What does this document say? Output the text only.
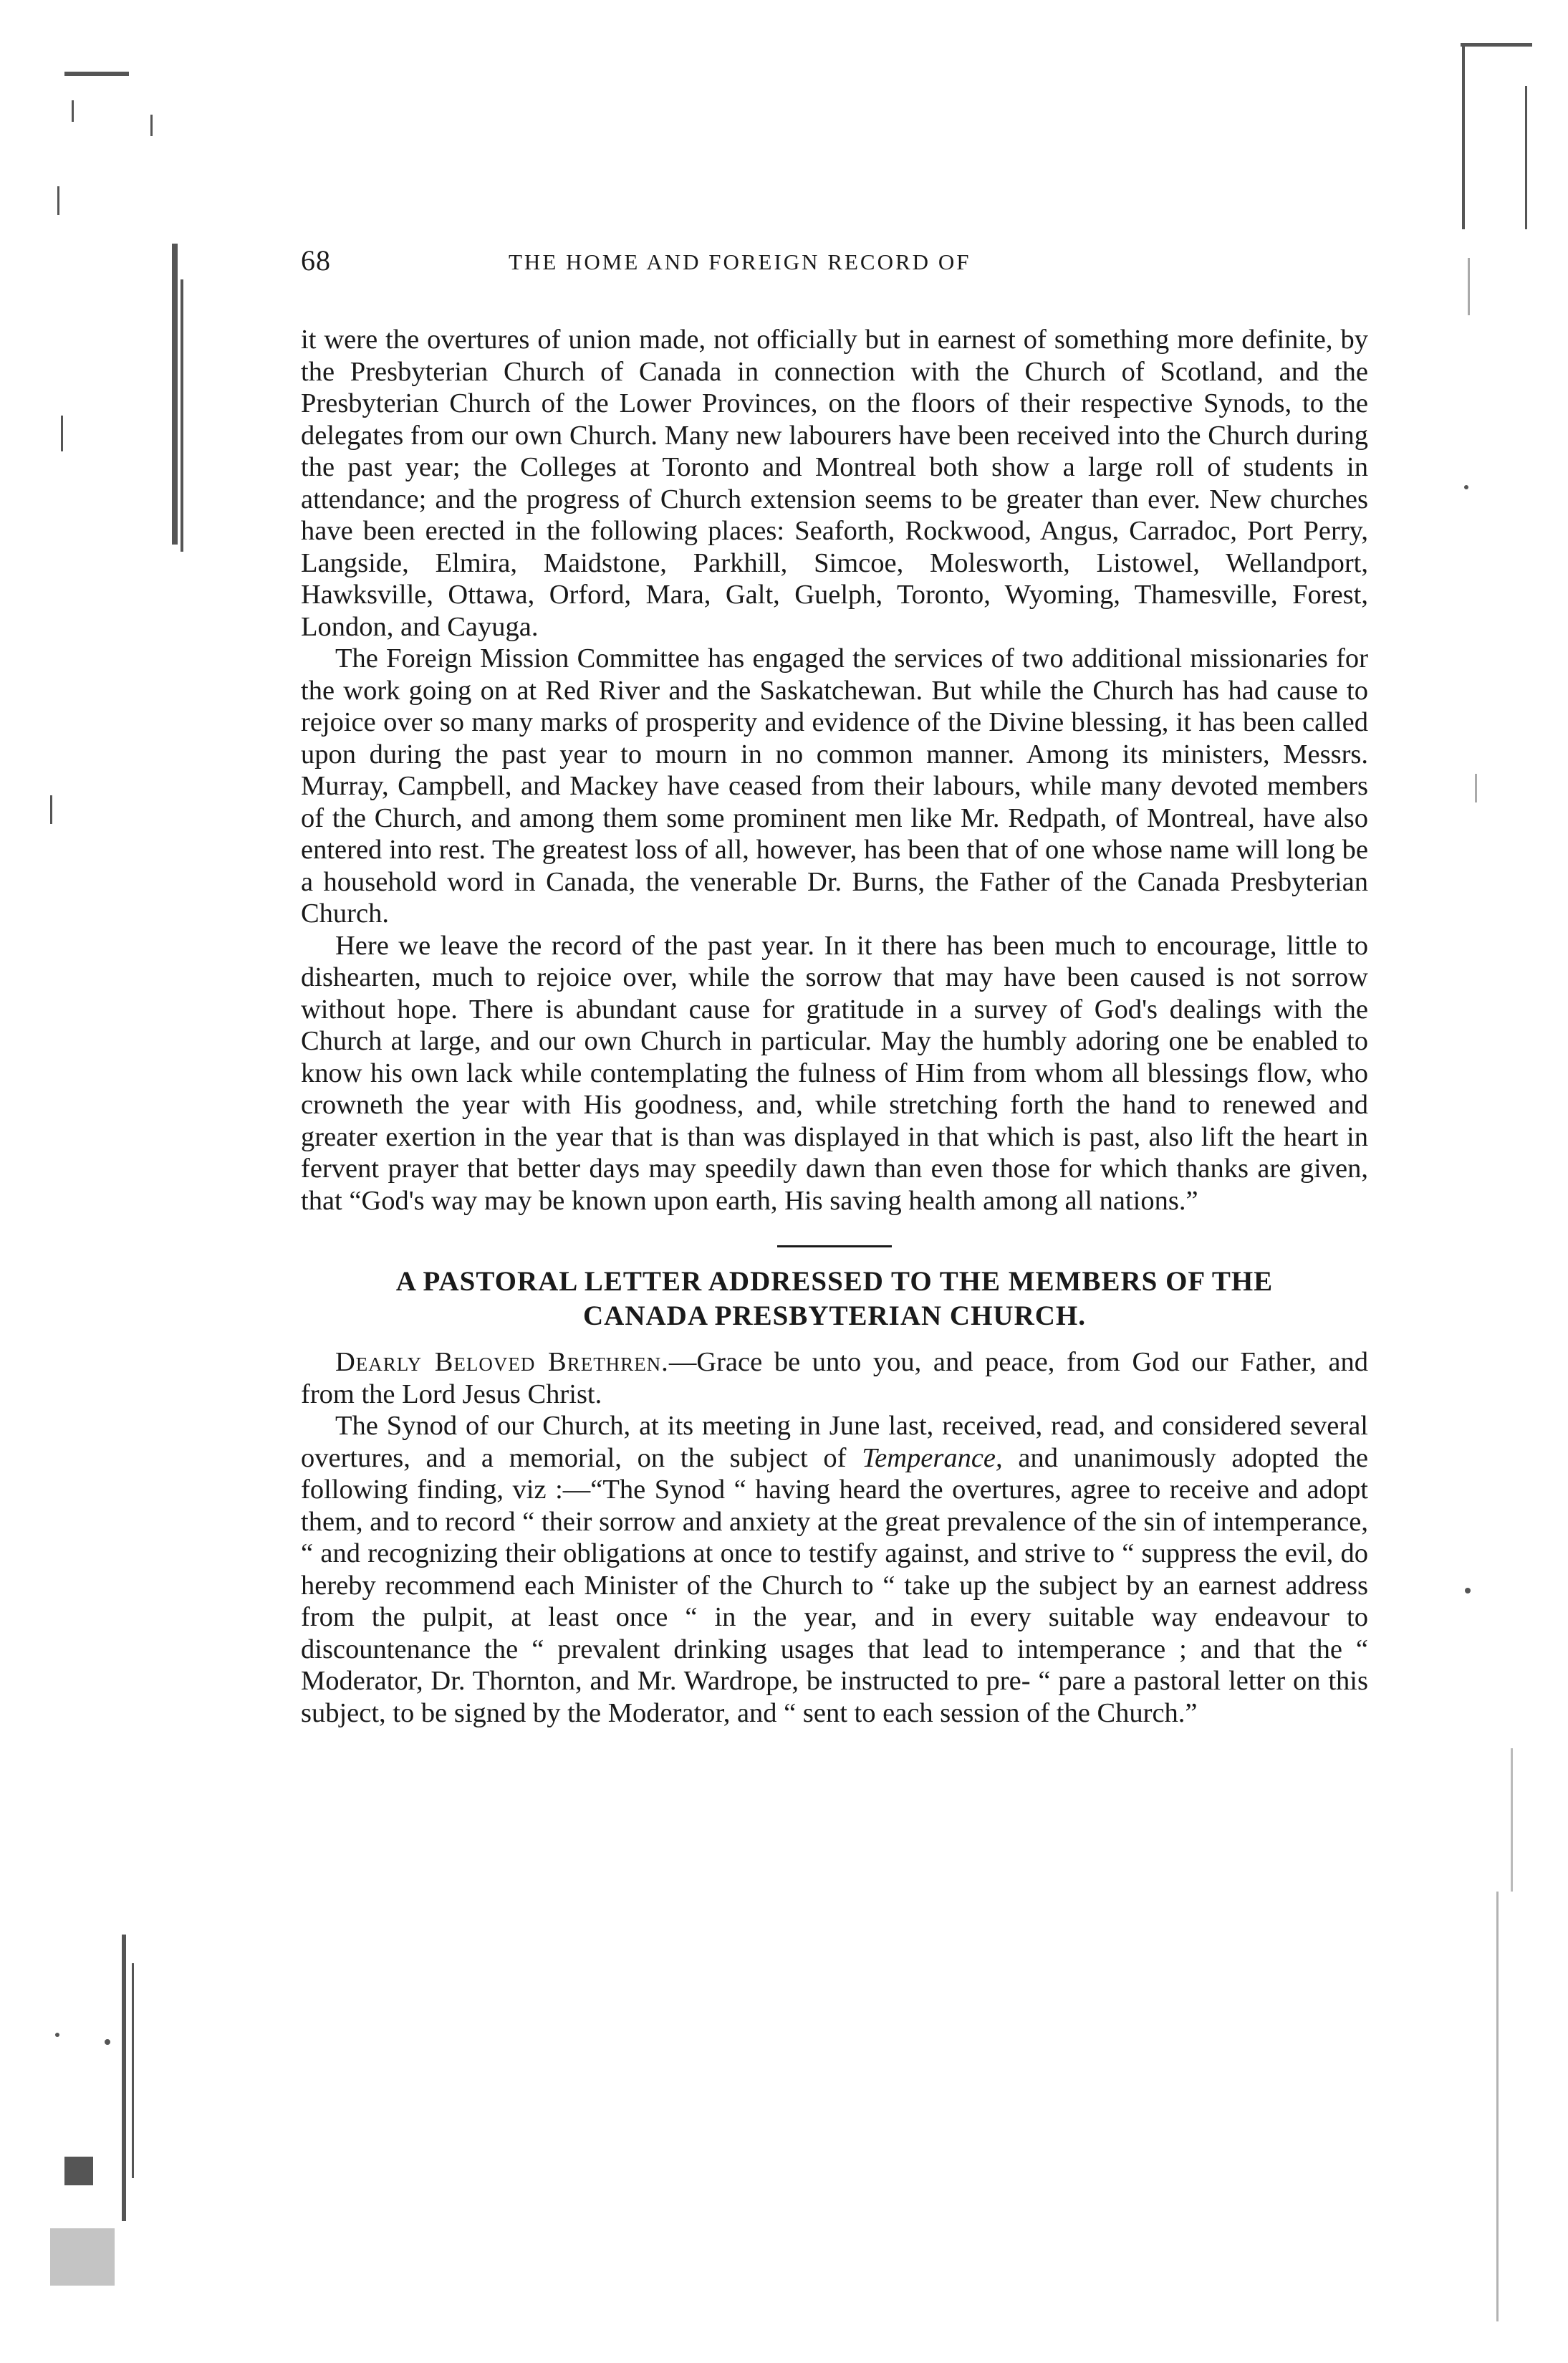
68	THE HOME AND FOREIGN RECORD OF

it were the overtures of union made, not officially but in earnest of something more definite, by the Presbyterian Church of Canada in connection with the Church of Scotland, and the Presbyterian Church of the Lower Provinces, on the floors of their respective Synods, to the delegates from our own Church. Many new labourers have been received into the Church during the past year; the Colleges at Toronto and Montreal both show a large roll of students in attendance; and the progress of Church extension seems to be greater than ever. New churches have been erected in the following places: Seaforth, Rockwood, Angus, Carradoc, Port Perry, Langside, Elmira, Maidstone, Parkhill, Simcoe, Molesworth, Listowel, Wellandport, Hawksville, Ottawa, Orford, Mara, Galt, Guelph, Toronto, Wyoming, Thamesville, Forest, London, and Cayuga.

The Foreign Mission Committee has engaged the services of two additional missionaries for the work going on at Red River and the Saskatchewan. But while the Church has had cause to rejoice over so many marks of prosperity and evidence of the Divine blessing, it has been called upon during the past year to mourn in no common manner. Among its ministers, Messrs. Murray, Campbell, and Mackey have ceased from their labours, while many devoted members of the Church, and among them some prominent men like Mr. Redpath, of Montreal, have also entered into rest. The greatest loss of all, however, has been that of one whose name will long be a household word in Canada, the venerable Dr. Burns, the Father of the Canada Presbyterian Church.

Here we leave the record of the past year. In it there has been much to encourage, little to dishearten, much to rejoice over, while the sorrow that may have been caused is not sorrow without hope. There is abundant cause for gratitude in a survey of God's dealings with the Church at large, and our own Church in particular. May the humbly adoring one be enabled to know his own lack while contemplating the fulness of Him from whom all blessings flow, who crowneth the year with His goodness, and, while stretching forth the hand to renewed and greater exertion in the year that is than was displayed in that which is past, also lift the heart in fervent prayer that better days may speedily dawn than even those for which thanks are given, that “God's way may be known upon earth, His saving health among all nations.”

A PASTORAL LETTER ADDRESSED TO THE MEMBERS OF THE
CANADA PRESBYTERIAN CHURCH.

Dearly Beloved Brethren.—Grace be unto you, and peace, from God our Father, and from the Lord Jesus Christ.

The Synod of our Church, at its meeting in June last, received, read, and considered several overtures, and a memorial, on the subject of Temperance, and unanimously adopted the following finding, viz :—“The Synod “ having heard the overtures, agree to receive and adopt them, and to record “ their sorrow and anxiety at the great prevalence of the sin of intemperance, “ and recognizing their obligations at once to testify against, and strive to “ suppress the evil, do hereby recommend each Minister of the Church to “ take up the subject by an earnest address from the pulpit, at least once “ in the year, and in every suitable way endeavour to discountenance the “ prevalent drinking usages that lead to intemperance ; and that the “ Moderator, Dr. Thornton, and Mr. Wardrope, be instructed to pre- “ pare a pastoral letter on this subject, to be signed by the Moderator, and “ sent to each session of the Church.”
